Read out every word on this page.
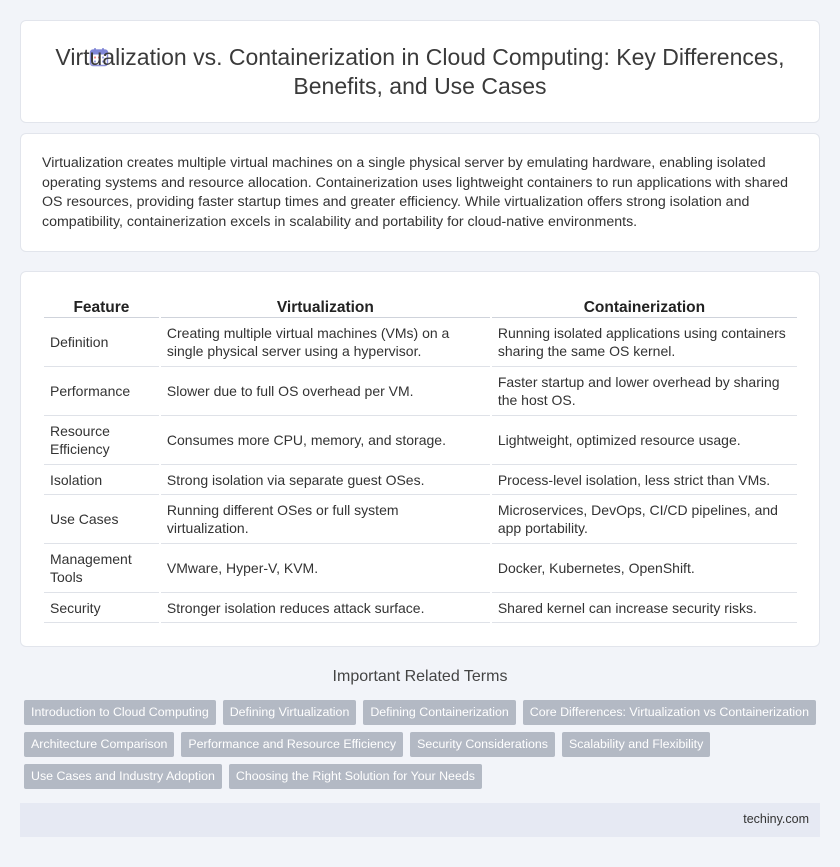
Virtualization vs. Containerization in Cloud Computing: Key Differences, Benefits, and Use Cases

Virtualization creates multiple virtual machines on a single physical server by emulating hardware, enabling isolated operating systems and resource allocation. Containerization uses lightweight containers to run applications with shared OS resources, providing faster startup times and greater efficiency. While virtualization offers strong isolation and compatibility, containerization excels in scalability and portability for cloud-native environments.

Feature	Virtualization	Containerization
Definition	Creating multiple virtual machines (VMs) on a single physical server using a hypervisor.	Running isolated applications using containers sharing the same OS kernel.
Performance	Slower due to full OS overhead per VM.	Faster startup and lower overhead by sharing the host OS.
Resource Efficiency	Consumes more CPU, memory, and storage.	Lightweight, optimized resource usage.
Isolation	Strong isolation via separate guest OSes.	Process-level isolation, less strict than VMs.
Use Cases	Running different OSes or full system virtualization.	Microservices, DevOps, CI/CD pipelines, and app portability.
Management Tools	VMware, Hyper-V, KVM.	Docker, Kubernetes, OpenShift.
Security	Stronger isolation reduces attack surface.	Shared kernel can increase security risks.
Important Related Terms
Introduction to Cloud Computing Defining Virtualization Defining Containerization Core Differences: Virtualization vs Containerization
Architecture Comparison Performance and Resource Efficiency Security Considerations Scalability and Flexibility
Use Cases and Industry Adoption Choosing the Right Solution for Your Needs
techiny.com
